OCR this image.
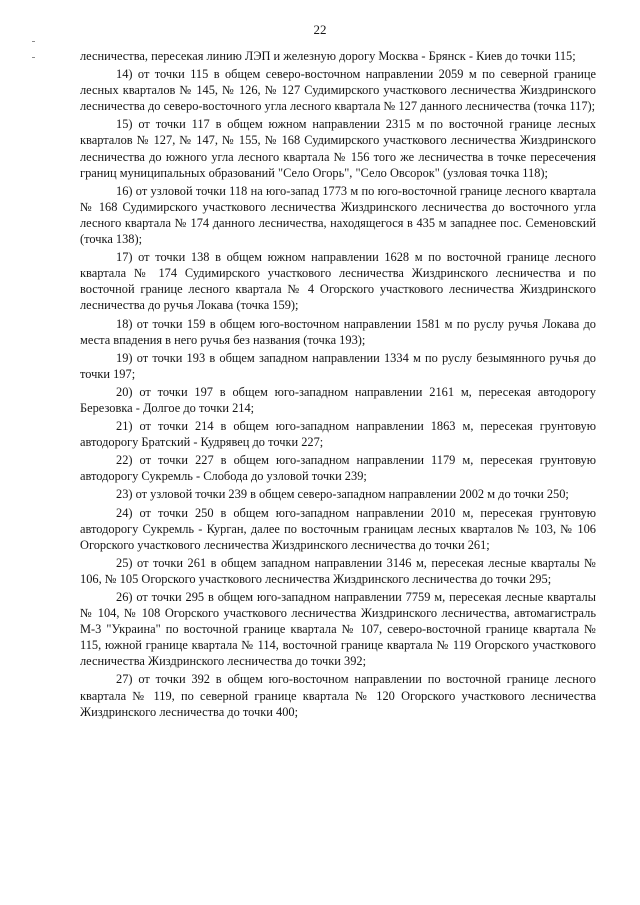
22

лесничества, пересекая линию ЛЭП и железную дорогу Москва - Брянск - Киев до точки 115;

14) от точки 115 в общем северо-восточном направлении 2059 м по северной границе лесных кварталов № 145, № 126, № 127 Судимирского участкового лесничества Жиздринского лесничества до северо-восточного угла лесного квартала № 127 данного лесничества (точка 117);

15) от точки 117 в общем южном направлении 2315 м по восточной границе лесных кварталов № 127, № 147, № 155, № 168 Судимирского участкового лесничества Жиздринского лесничества до южного угла лесного квартала № 156 того же лесничества в точке пересечения границ муниципальных образований "Село Огорь", "Село Овсорок" (узловая точка 118);

16) от узловой точки 118 на юго-запад 1773 м по юго-восточной границе лесного квартала № 168 Судимирского участкового лесничества Жиздринского лесничества до восточного угла лесного квартала № 174 данного лесничества, находящегося в 435 м западнее пос. Семеновский (точка 138);

17) от точки 138 в общем южном направлении 1628 м по восточной границе лесного квартала № 174 Судимирского участкового лесничества Жиздринского лесничества и по восточной границе лесного квартала № 4 Огорского участкового лесничества Жиздринского лесничества до ручья Локава (точка 159);

18) от точки 159 в общем юго-восточном направлении 1581 м по руслу ручья Локава до места впадения в него ручья без названия (точка 193);

19) от точки 193 в общем западном направлении 1334 м по руслу безымянного ручья до точки 197;

20) от точки 197 в общем юго-западном направлении 2161 м, пересекая автодорогу Березовка - Долгое до точки 214;

21) от точки 214 в общем юго-западном направлении 1863 м, пересекая грунтовую автодорогу Братский - Кудрявец до точки 227;

22) от точки 227 в общем юго-западном направлении 1179 м, пересекая грунтовую автодорогу Сукремль - Слобода до узловой точки 239;

23) от узловой точки 239 в общем северо-западном направлении 2002 м до точки 250;

24) от точки 250 в общем юго-западном направлении 2010 м, пересекая грунтовую автодорогу Сукремль - Курган, далее по восточным границам лесных кварталов № 103, № 106 Огорского участкового лесничества Жиздринского лесничества до точки 261;

25) от точки 261 в общем западном направлении 3146 м, пересекая лесные кварталы № 106, № 105 Огорского участкового лесничества Жиздринского лесничества до точки 295;

26) от точки 295 в общем юго-западном направлении 7759 м, пересекая лесные кварталы № 104, № 108 Огорского участкового лесничества Жиздринского лесничества, автомагистраль М-3 "Украина" по восточной границе квартала № 107, северо-восточной границе квартала № 115, южной границе квартала № 114, восточной границе квартала № 119 Огорского участкового лесничества Жиздринского лесничества до точки 392;

27) от точки 392 в общем юго-восточном направлении по восточной границе лесного квартала № 119, по северной границе квартала № 120 Огорского участкового лесничества Жиздринского лесничества до точки 400;
